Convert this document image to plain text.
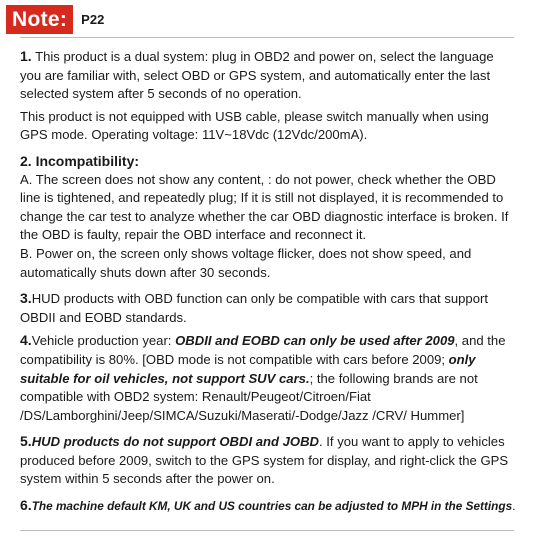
Note:	P22

1. This product is a dual system: plug in OBD2 and power on, select the language you are familiar with, select OBD or GPS system, and automatically enter the last selected system after 5 seconds of no operation.

This product is not equipped with USB cable, please switch manually when using GPS mode. Operating voltage: 11V~18Vdc (12Vdc/200mA).

2. Incompatibility:

A. The screen does not show any content, : do not power, check whether the OBD line is tightened, and repeatedly plug; If it is still not displayed, it is recommended to change the car test to analyze whether the car OBD diagnostic interface is broken. If the OBD is faulty, repair the OBD interface and reconnect it.

B. Power on, the screen only shows voltage flicker, does not show speed, and automatically shuts down after 30 seconds.

3.HUD products with OBD function can only be compatible with cars that support OBDII and EOBD standards.

4.Vehicle production year: OBDII and EOBD can only be used after 2009, and the compatibility is 80%. [OBD mode is not compatible with cars before 2009; only suitable for oil vehicles, not support SUV cars.; the following brands are not compatible with OBD2 system: Renault/Peugeot/Citroen/Fiat /DS/Lamborghini/Jeep/SIMCA/Suzuki/Maserati/-Dodge/Jazz /CRV/ Hummer]

5.HUD products do not support OBDI and JOBD. If you want to apply to vehicles produced before 2009, switch to the GPS system for display, and right-click the GPS system within 5 seconds after the power on.

6.The machine default KM, UK and US countries can be adjusted to MPH in the Settings.
